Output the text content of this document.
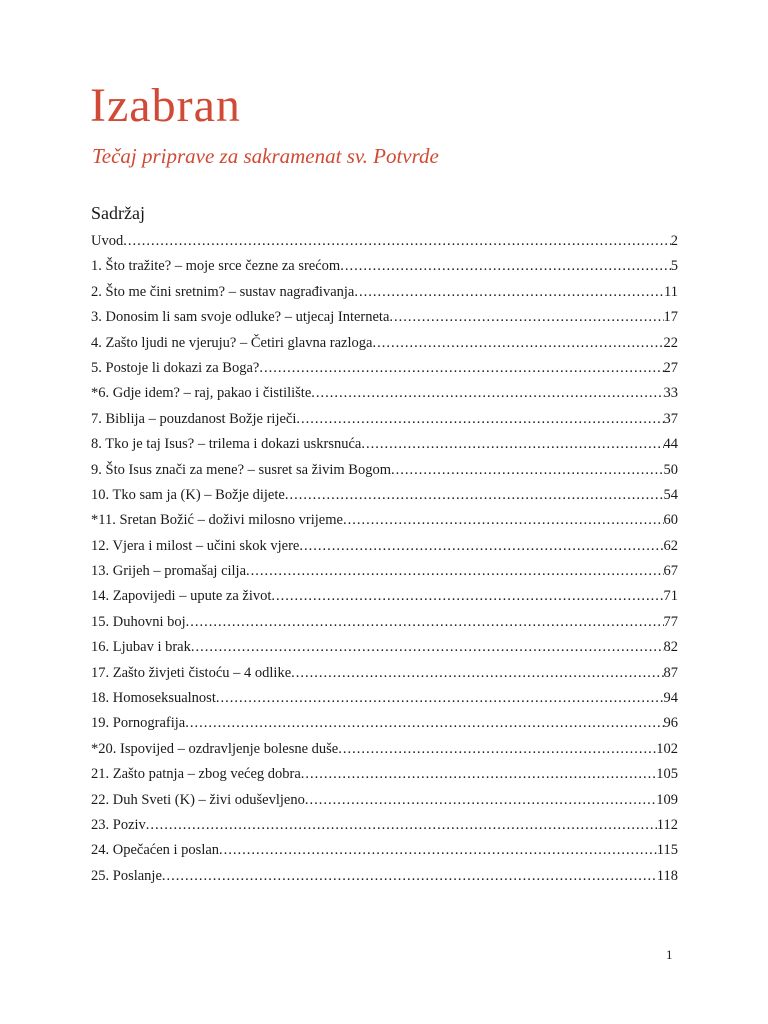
Izabran
Tečaj priprave za sakramenat sv. Potvrde
Sadržaj
Uvod .....	2
1. Što tražite? – moje srce čezne za srećom .....	5
2. Što me čini sretnim? – sustav nagrađivanja .....	11
3. Donosim li sam svoje odluke? – utjecaj Interneta .....	17
4. Zašto ljudi ne vjeruju? – Četiri glavna razloga .....	22
5. Postoje li dokazi za Boga? .....	27
*6. Gdje idem? – raj, pakao i čistilište .....	33
7. Biblija – pouzdanost Božje riječi .....	37
8. Tko je taj Isus? – trilema i dokazi uskrsnuća .....	44
9. Što Isus znači za mene? – susret sa živim Bogom .....	50
10. Tko sam ja (K) – Božje dijete .....	54
*11. Sretan Božić – doživi milosno vrijeme .....	60
12. Vjera i milost – učini skok vjere .....	62
13. Grijeh – promašaj cilja .....	67
14. Zapovijedi – upute za život .....	71
15. Duhovni boj .....	77
16. Ljubav i brak .....	82
17. Zašto živjeti čistoću – 4 odlike .....	87
18. Homoseksualnost .....	94
19. Pornografija .....	96
*20. Ispovijed – ozdravljenje bolesne duše .....	102
21. Zašto patnja – zbog većeg dobra .....	105
22. Duh Sveti (K) – živi oduševljeno .....	109
23. Poziv .....	112
24. Opečaćen i poslan .....	115
25. Poslanje .....	118
1
